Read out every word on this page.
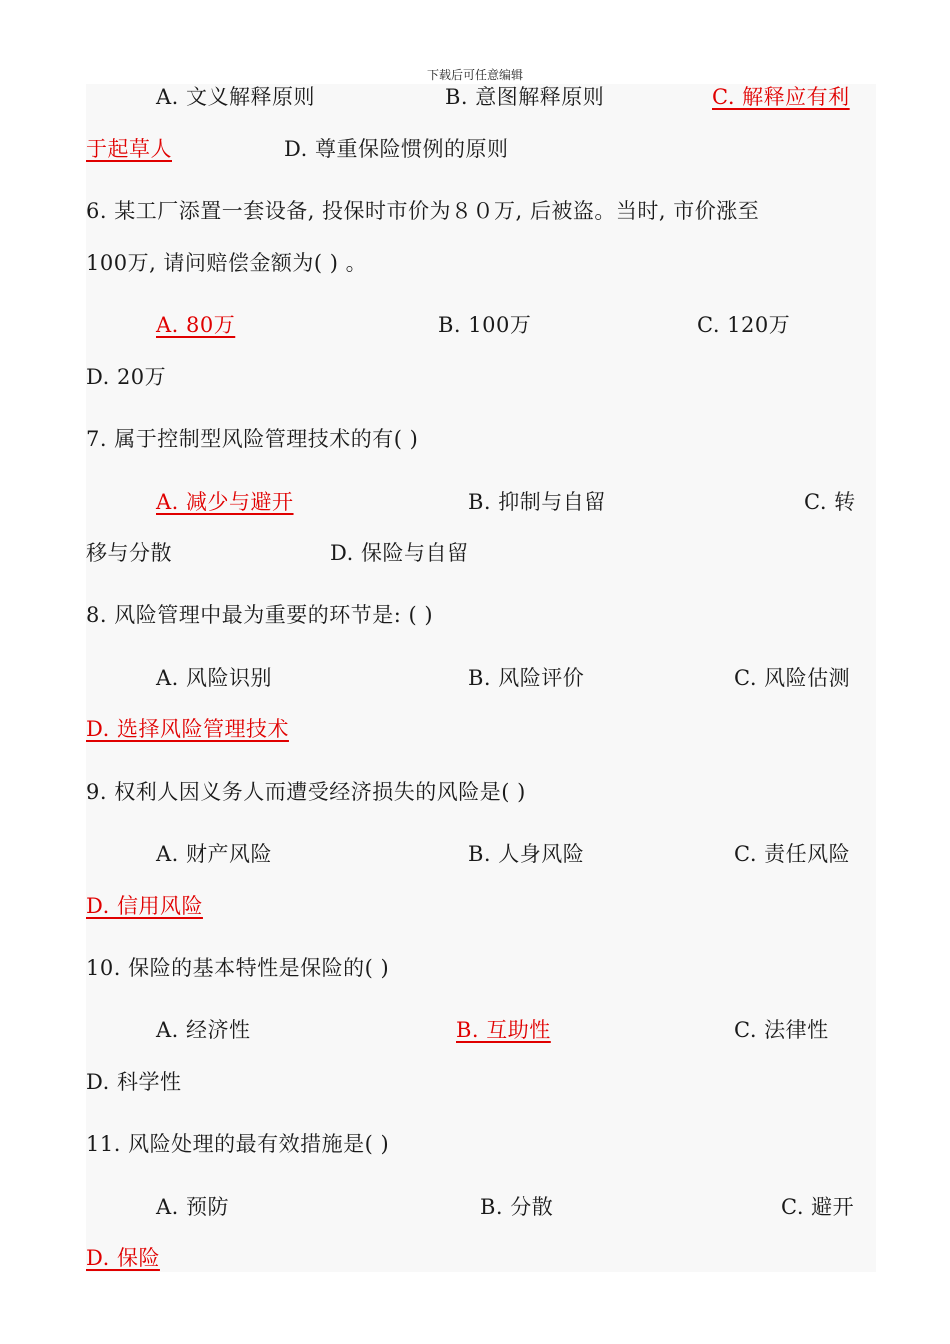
下载后可任意编辑
A. 文义解释原则	B. 意图解释原则	C. 解释应有利
于起草人	D. 尊重保险惯例的原则
6. 某工厂添置一套设备, 投保时市价为８０万, 后被盗。当时, 市价涨至
100万, 请问赔偿金额为( ) 。
A. 80万	B. 100万	C. 120万
D. 20万
7. 属于控制型风险管理技术的有( )
A. 减少与避开	B. 抑制与自留	C. 转
移与分散	D. 保险与自留
8. 风险管理中最为重要的环节是: ( )
A. 风险识别	B. 风险评价	C. 风险估测
D. 选择风险管理技术
9. 权利人因义务人而遭受经济损失的风险是( )
A. 财产风险	B. 人身风险	C. 责任风险
D. 信用风险
10. 保险的基本特性是保险的( )
A. 经济性	B. 互助性	C. 法律性
D. 科学性
11. 风险处理的最有效措施是( )
A. 预防	B. 分散	C. 避开
D. 保险
